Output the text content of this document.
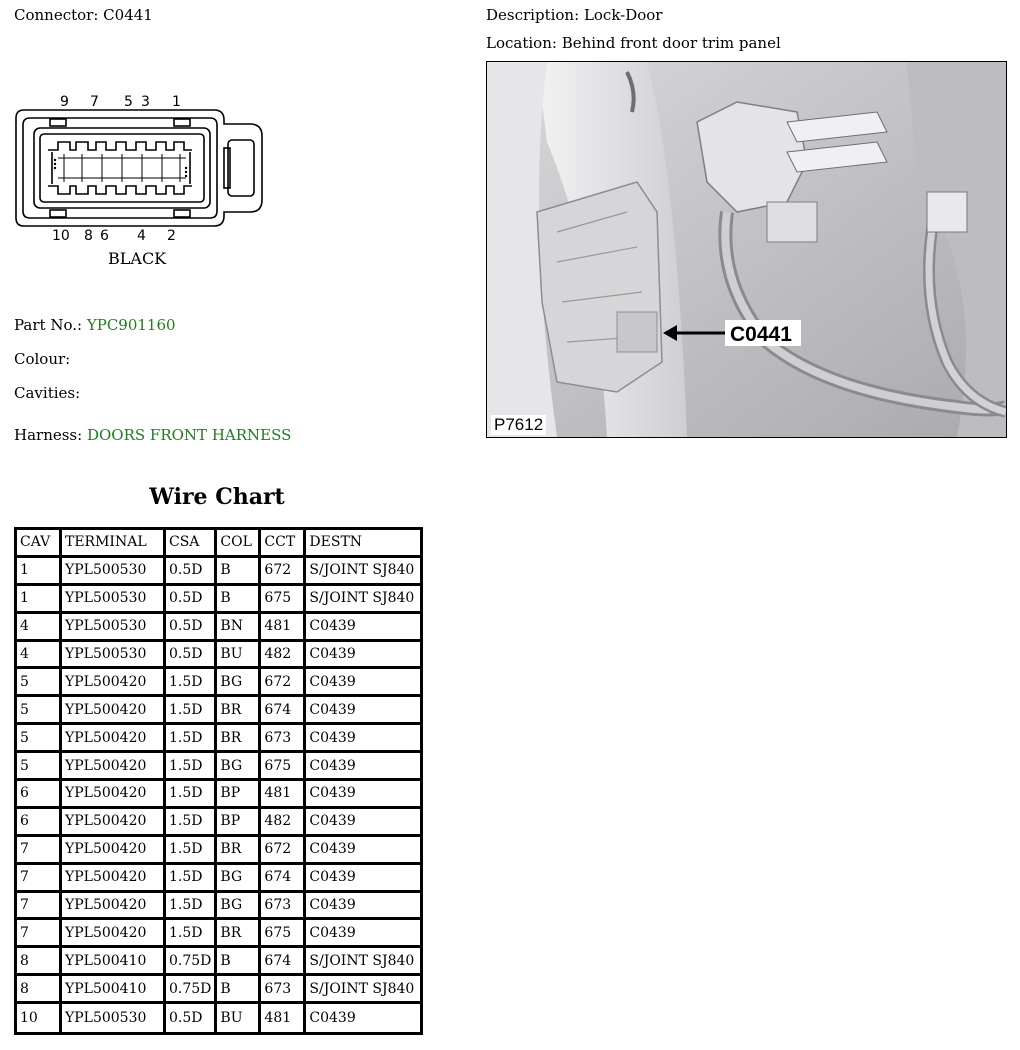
Connector: C0441	Description: Lock-Door
Location: Behind front door trim panel
9 7 5 3 1
10 8 6 4 2
BLACK
C0441
P7612
Part No.: YPC901160
Colour:
Cavities:
Harness: DOORS FRONT HARNESS
Wire Chart
CAV	TERMINAL	CSA	COL	CCT	DESTN
1	YPL500530	0.5D	B	672	S/JOINT SJ840
1	YPL500530	0.5D	B	675	S/JOINT SJ840
4	YPL500530	0.5D	BN	481	C0439
4	YPL500530	0.5D	BU	482	C0439
5	YPL500420	1.5D	BG	672	C0439
5	YPL500420	1.5D	BR	674	C0439
5	YPL500420	1.5D	BR	673	C0439
5	YPL500420	1.5D	BG	675	C0439
6	YPL500420	1.5D	BP	481	C0439
6	YPL500420	1.5D	BP	482	C0439
7	YPL500420	1.5D	BR	672	C0439
7	YPL500420	1.5D	BG	674	C0439
7	YPL500420	1.5D	BG	673	C0439
7	YPL500420	1.5D	BR	675	C0439
8	YPL500410	0.75D	B	674	S/JOINT SJ840
8	YPL500410	0.75D	B	673	S/JOINT SJ840
10	YPL500530	0.5D	BU	481	C0439
